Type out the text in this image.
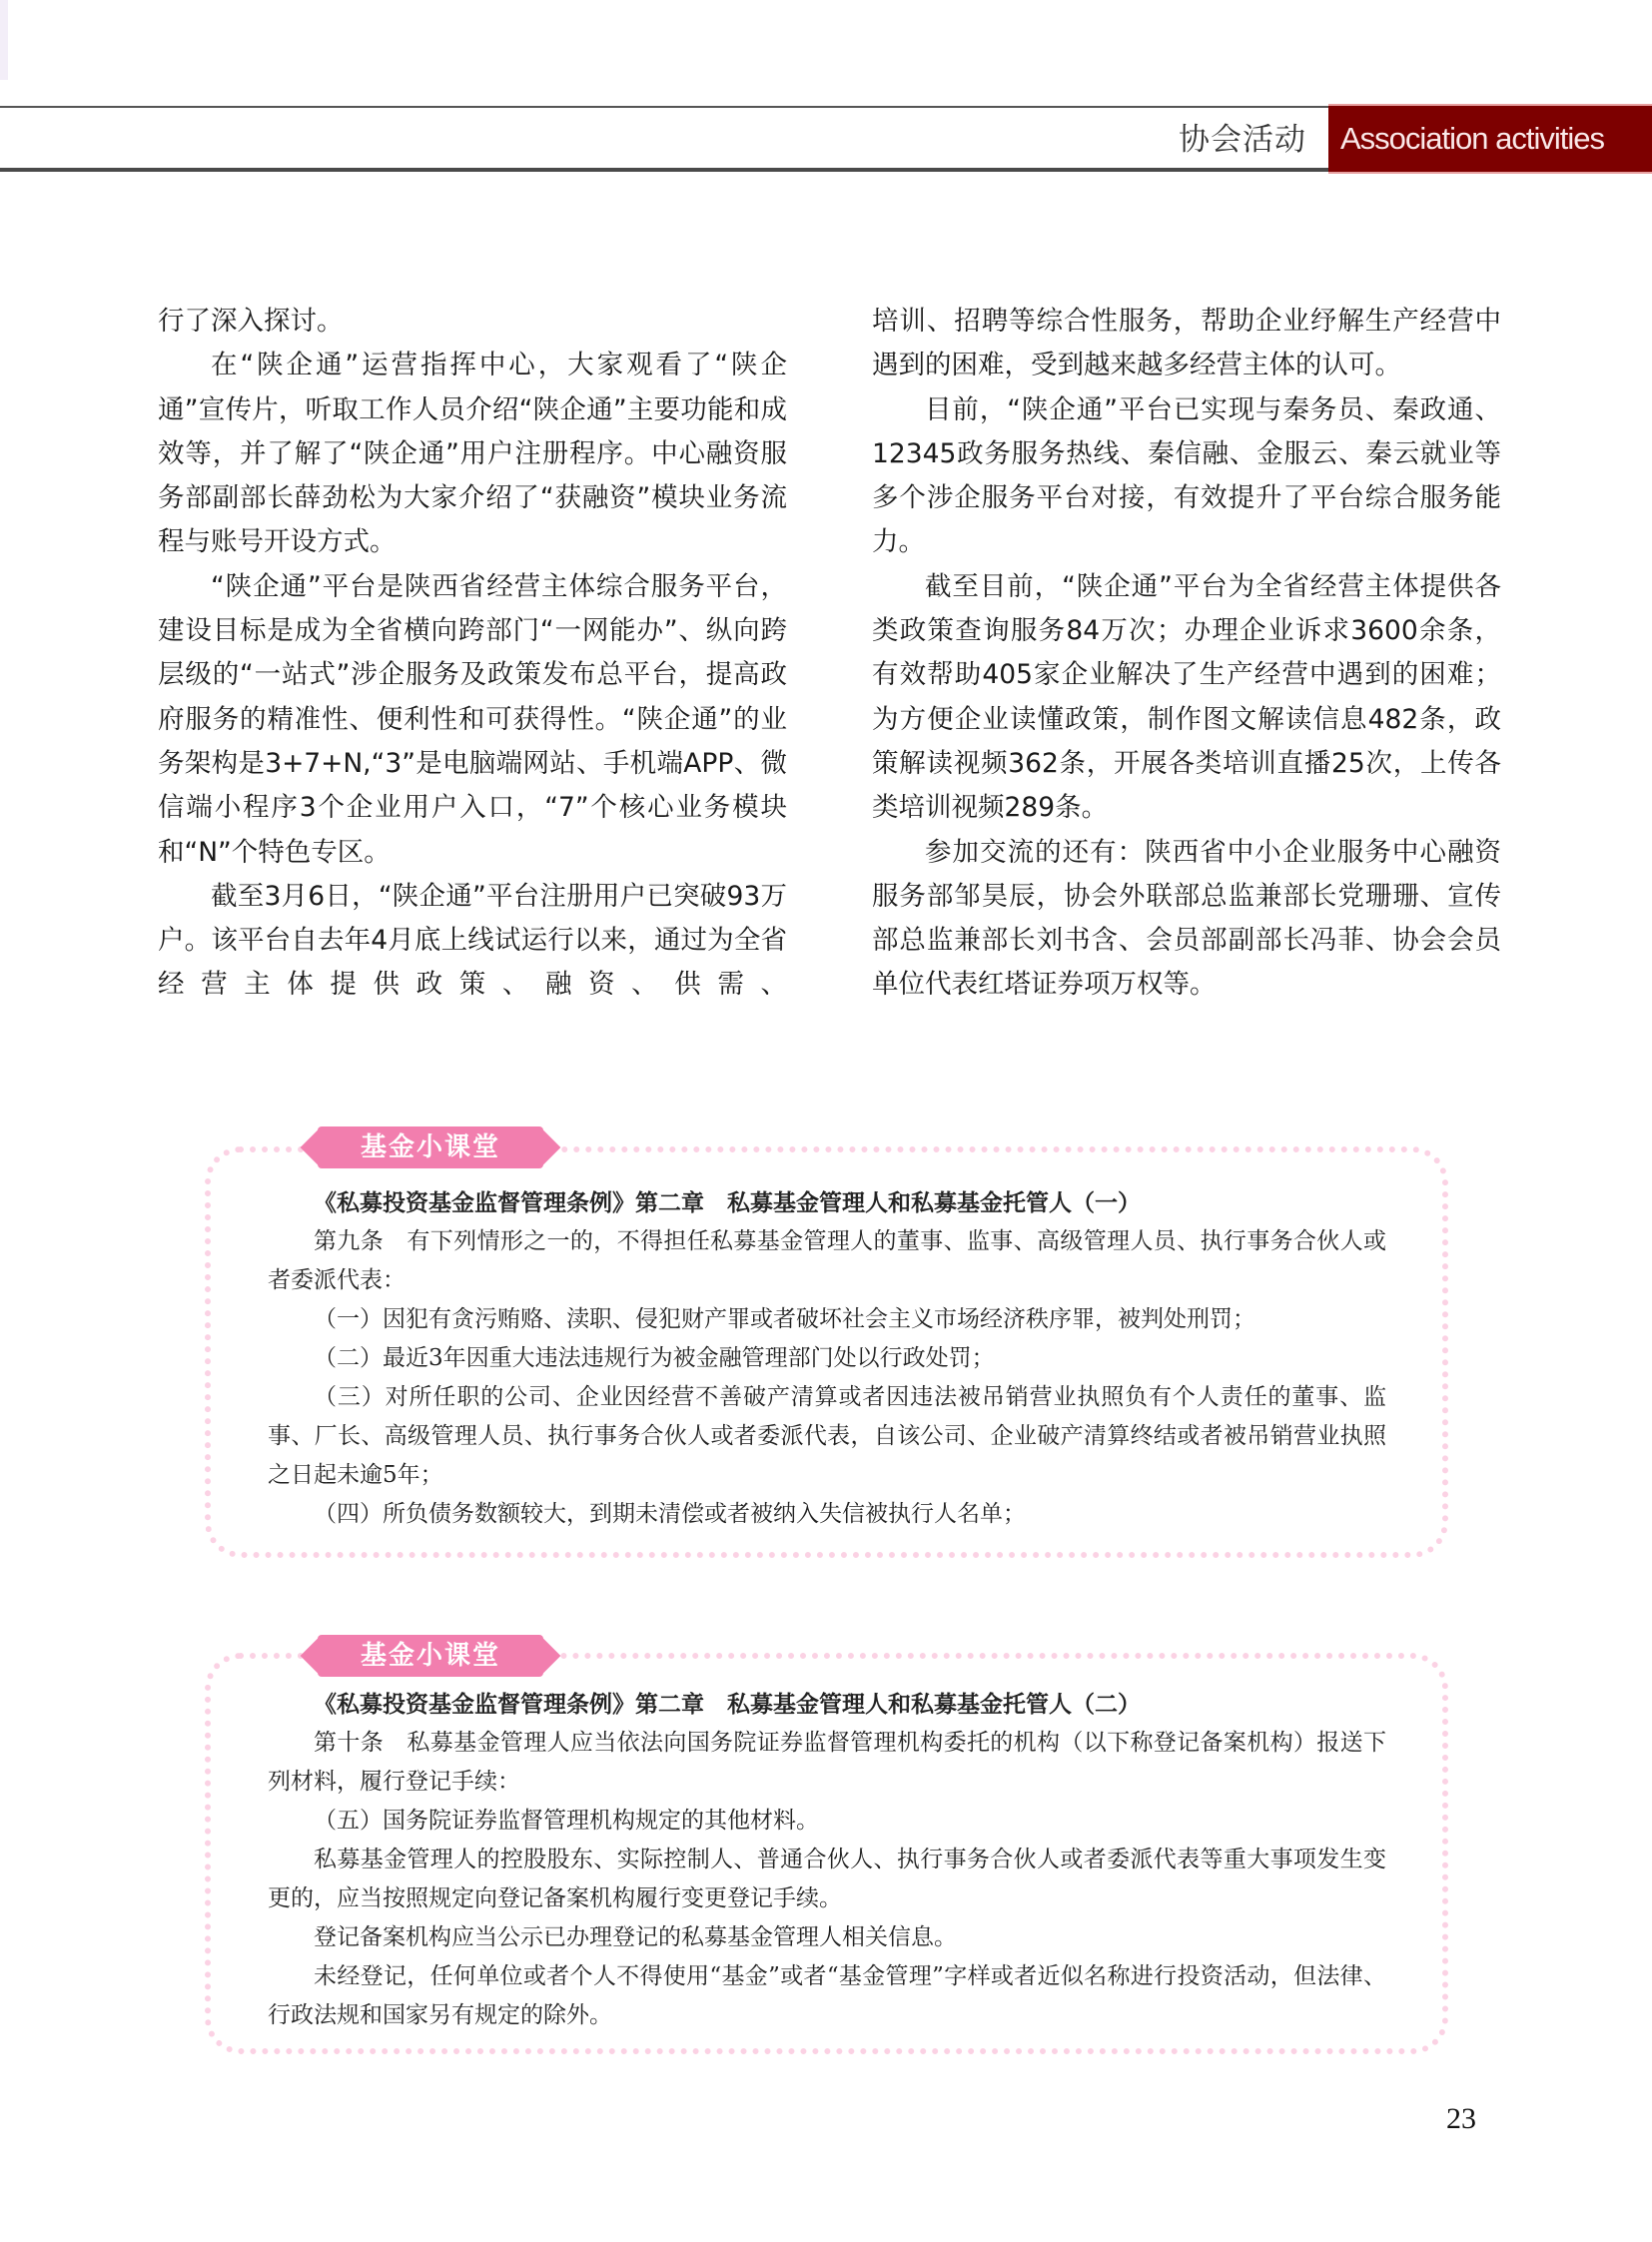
协会活动	Association activities

行了深入探讨。

在“陕企通”运营指挥中心，大家观看了“陕企通”宣传片，听取工作人员介绍“陕企通”主要功能和成效等，并了解了“陕企通”用户注册程序。中心融资服务部副部长薛劲松为大家介绍了“获融资”模块业务流程与账号开设方式。

“陕企通”平台是陕西省经营主体综合服务平台，建设目标是成为全省横向跨部门“一网能办”、纵向跨层级的“一站式”涉企服务及政策发布总平台，提高政府服务的精准性、便利性和可获得性。“陕企通”的业务架构是3+7+N,“3”是电脑端网站、手机端APP、微信端小程序3个企业用户入口，“7”个核心业务模块和“N”个特色专区。

截至3月6日，“陕企通”平台注册用户已突破93万户。该平台自去年4月底上线试运行以来，通过为全省经营主体提供政策、融资、供需、

培训、招聘等综合性服务，帮助企业纾解生产经营中遇到的困难，受到越来越多经营主体的认可。

目前，“陕企通”平台已实现与秦务员、秦政通、12345政务服务热线、秦信融、金服云、秦云就业等多个涉企服务平台对接，有效提升了平台综合服务能力。

截至目前，“陕企通”平台为全省经营主体提供各类政策查询服务84万次；办理企业诉求3600余条，有效帮助405家企业解决了生产经营中遇到的困难；为方便企业读懂政策，制作图文解读信息482条，政策解读视频362条，开展各类培训直播25次，上传各类培训视频289条。

参加交流的还有：陕西省中小企业服务中心融资服务部邹昊辰，协会外联部总监兼部长党珊珊、宣传部总监兼部长刘书含、会员部副部长冯菲、协会会员单位代表红塔证券项万权等。

基金小课堂

《私募投资基金监督管理条例》第二章　私募基金管理人和私募基金托管人（一）

第九条　有下列情形之一的，不得担任私募基金管理人的董事、监事、高级管理人员、执行事务合伙人或者委派代表：

（一）因犯有贪污贿赂、渎职、侵犯财产罪或者破坏社会主义市场经济秩序罪，被判处刑罚；

（二）最近3年因重大违法违规行为被金融管理部门处以行政处罚；

（三）对所任职的公司、企业因经营不善破产清算或者因违法被吊销营业执照负有个人责任的董事、监事、厂长、高级管理人员、执行事务合伙人或者委派代表，自该公司、企业破产清算终结或者被吊销营业执照之日起未逾5年；

（四）所负债务数额较大，到期未清偿或者被纳入失信被执行人名单；

基金小课堂

《私募投资基金监督管理条例》第二章　私募基金管理人和私募基金托管人（二）

第十条　私募基金管理人应当依法向国务院证券监督管理机构委托的机构（以下称登记备案机构）报送下列材料，履行登记手续：

（五）国务院证券监督管理机构规定的其他材料。

私募基金管理人的控股股东、实际控制人、普通合伙人、执行事务合伙人或者委派代表等重大事项发生变更的，应当按照规定向登记备案机构履行变更登记手续。

登记备案机构应当公示已办理登记的私募基金管理人相关信息。

未经登记，任何单位或者个人不得使用“基金”或者“基金管理”字样或者近似名称进行投资活动，但法律、行政法规和国家另有规定的除外。

23
